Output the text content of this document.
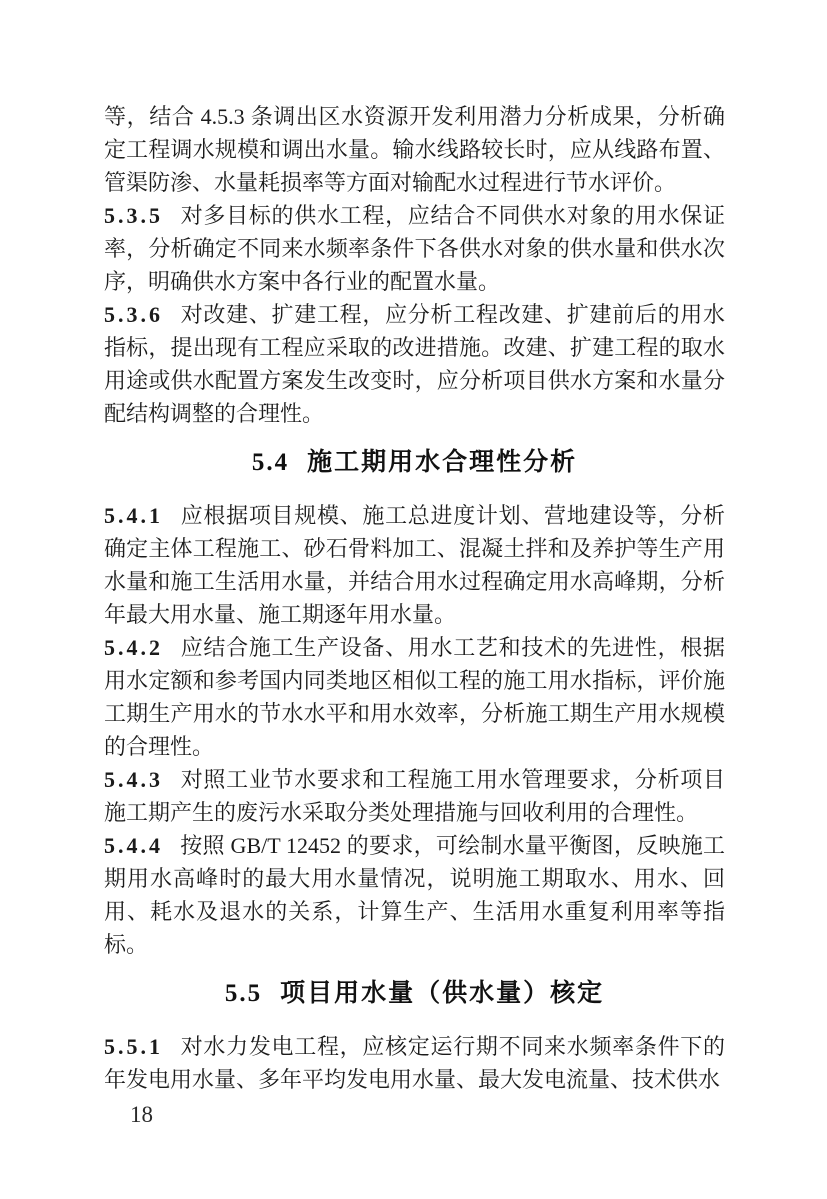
等，结合 4.5.3 条调出区水资源开发利用潜力分析成果，分析确定工程调水规模和调出水量。输水线路较长时，应从线路布置、管渠防渗、水量耗损率等方面对输配水过程进行节水评价。

5.3.5 对多目标的供水工程，应结合不同供水对象的用水保证率，分析确定不同来水频率条件下各供水对象的供水量和供水次序，明确供水方案中各行业的配置水量。

5.3.6 对改建、扩建工程，应分析工程改建、扩建前后的用水指标，提出现有工程应采取的改进措施。改建、扩建工程的取水用途或供水配置方案发生改变时，应分析项目供水方案和水量分配结构调整的合理性。

5.4 施工期用水合理性分析

5.4.1 应根据项目规模、施工总进度计划、营地建设等，分析确定主体工程施工、砂石骨料加工、混凝土拌和及养护等生产用水量和施工生活用水量，并结合用水过程确定用水高峰期，分析年最大用水量、施工期逐年用水量。

5.4.2 应结合施工生产设备、用水工艺和技术的先进性，根据用水定额和参考国内同类地区相似工程的施工用水指标，评价施工期生产用水的节水水平和用水效率，分析施工期生产用水规模的合理性。

5.4.3 对照工业节水要求和工程施工用水管理要求，分析项目施工期产生的废污水采取分类处理措施与回收利用的合理性。

5.4.4 按照 GB/T 12452 的要求，可绘制水量平衡图，反映施工期用水高峰时的最大用水量情况，说明施工期取水、用水、回用、耗水及退水的关系，计算生产、生活用水重复利用率等指标。

5.5 项目用水量（供水量）核定

5.5.1 对水力发电工程，应核定运行期不同来水频率条件下的年发电用水量、多年平均发电用水量、最大发电流量、技术供水

18
